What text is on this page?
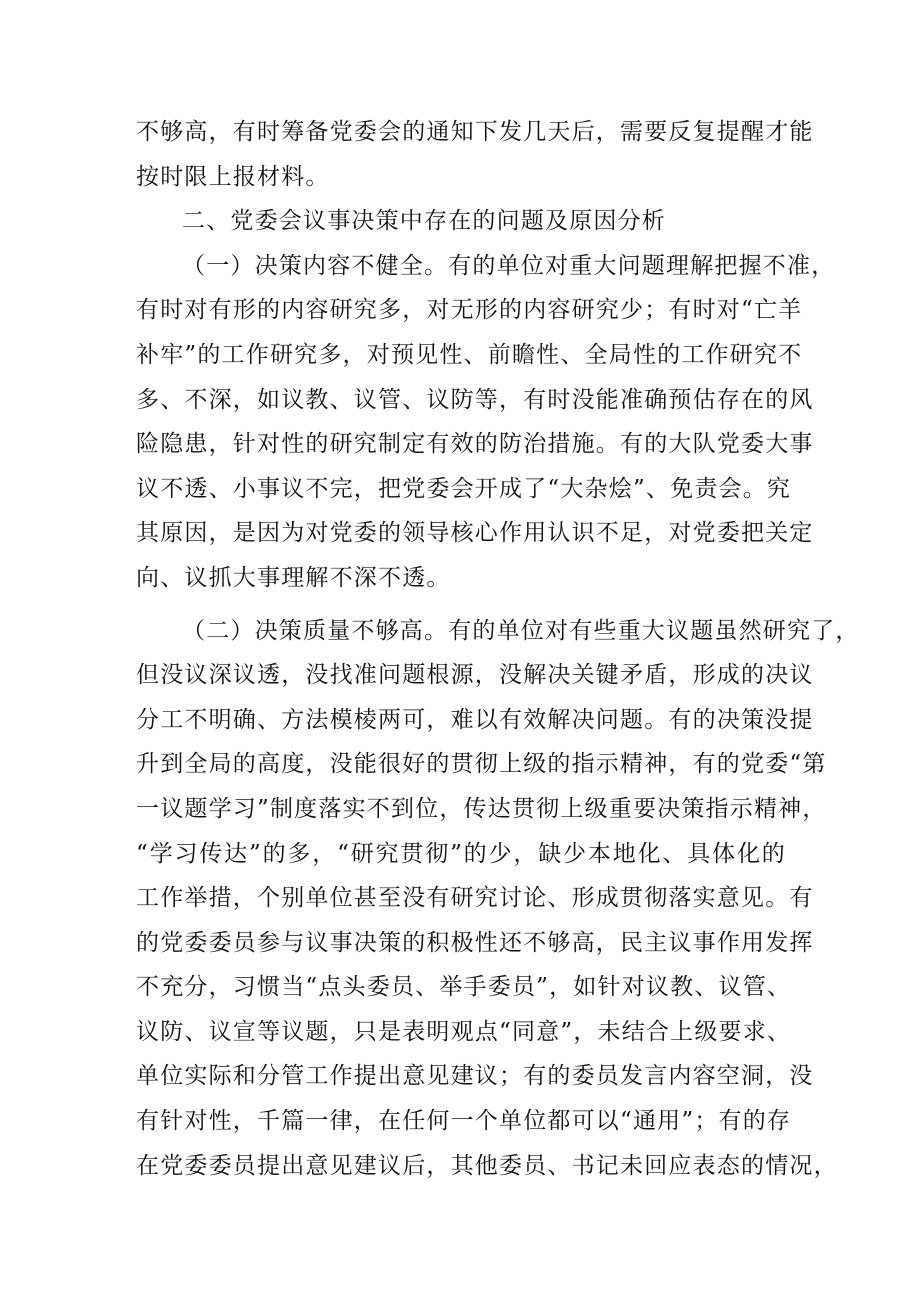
不够高，有时筹备党委会的通知下发几天后，需要反复提醒才能
按时限上报材料。
二、党委会议事决策中存在的问题及原因分析
（一）决策内容不健全。有的单位对重大问题理解把握不准，
有时对有形的内容研究多，对无形的内容研究少；有时对“亡羊
补牢”的工作研究多，对预见性、前瞻性、全局性的工作研究不
多、不深，如议教、议管、议防等，有时没能准确预估存在的风
险隐患，针对性的研究制定有效的防治措施。有的大队党委大事
议不透、小事议不完，把党委会开成了“大杂烩”、免责会。究
其原因，是因为对党委的领导核心作用认识不足，对党委把关定
向、议抓大事理解不深不透。
（二）决策质量不够高。有的单位对有些重大议题虽然研究了，
但没议深议透，没找准问题根源，没解决关键矛盾，形成的决议
分工不明确、方法模棱两可，难以有效解决问题。有的决策没提
升到全局的高度，没能很好的贯彻上级的指示精神，有的党委“第
一议题学习”制度落实不到位，传达贯彻上级重要决策指示精神，
“学习传达”的多，“研究贯彻”的少，缺少本地化、具体化的
工作举措，个别单位甚至没有研究讨论、形成贯彻落实意见。有
的党委委员参与议事决策的积极性还不够高，民主议事作用发挥
不充分，习惯当“点头委员、举手委员”，如针对议教、议管、
议防、议宣等议题，只是表明观点“同意”，未结合上级要求、
单位实际和分管工作提出意见建议；有的委员发言内容空洞，没
有针对性，千篇一律，在任何一个单位都可以“通用”；有的存
在党委委员提出意见建议后，其他委员、书记未回应表态的情况，
